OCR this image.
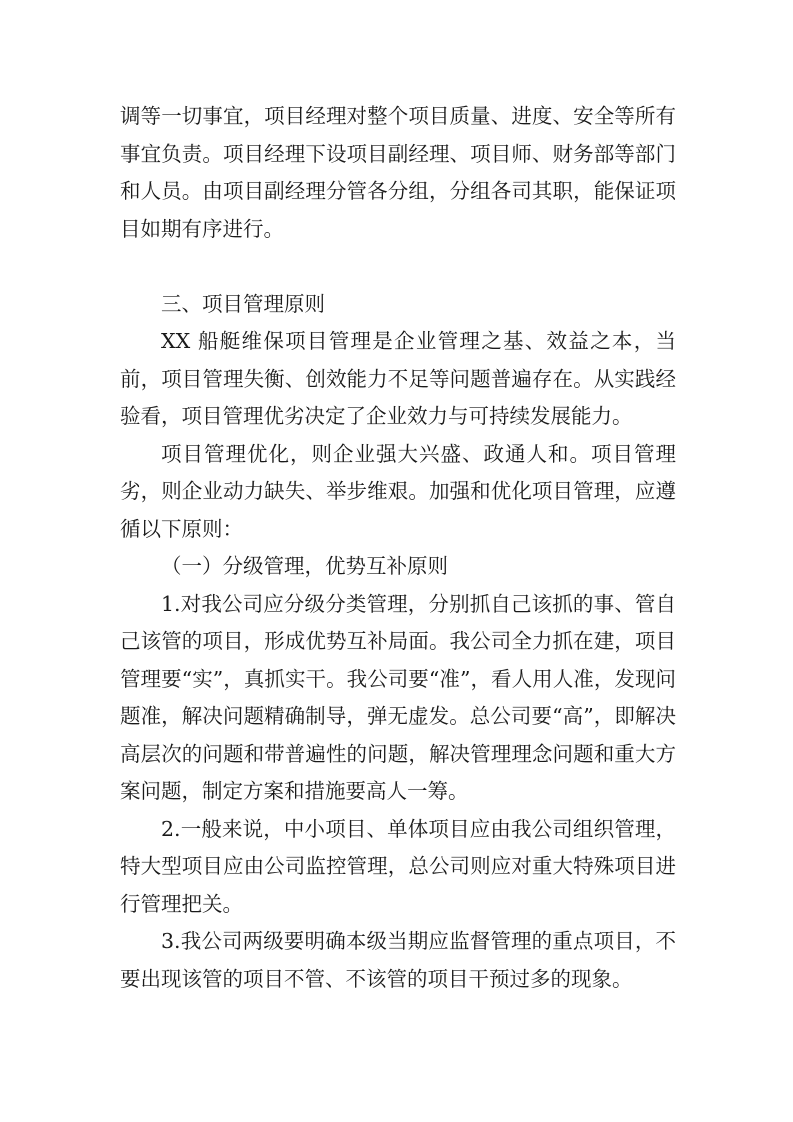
调等一切事宜，项目经理对整个项目质量、进度、安全等所有事宜负责。项目经理下设项目副经理、项目师、财务部等部门和人员。由项目副经理分管各分组，分组各司其职，能保证项目如期有序进行。

三、项目管理原则

XX 船艇维保项目管理是企业管理之基、效益之本，当前，项目管理失衡、创效能力不足等问题普遍存在。从实践经验看，项目管理优劣决定了企业效力与可持续发展能力。

项目管理优化，则企业强大兴盛、政通人和。项目管理劣，则企业动力缺失、举步维艰。加强和优化项目管理，应遵循以下原则：

（一）分级管理，优势互补原则

1.对我公司应分级分类管理，分别抓自己该抓的事、管自己该管的项目，形成优势互补局面。我公司全力抓在建，项目管理要“实”，真抓实干。我公司要“准”，看人用人准，发现问题准，解决问题精确制导，弹无虚发。总公司要“高”，即解决高层次的问题和带普遍性的问题，解决管理理念问题和重大方案问题，制定方案和措施要高人一筹。

2.一般来说，中小项目、单体项目应由我公司组织管理，特大型项目应由公司监控管理，总公司则应对重大特殊项目进行管理把关。

3.我公司两级要明确本级当期应监督管理的重点项目，不要出现该管的项目不管、不该管的项目干预过多的现象。
